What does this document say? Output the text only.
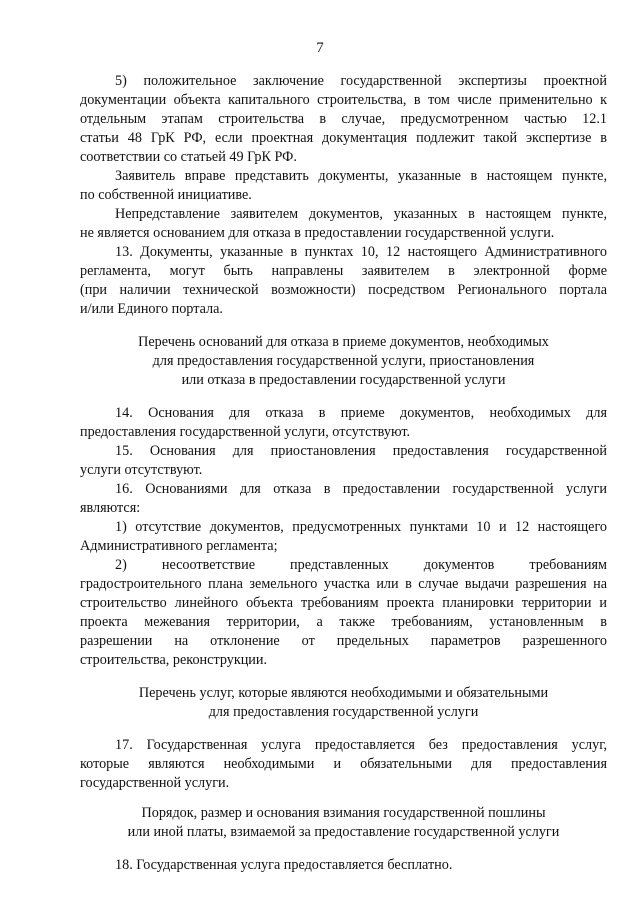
7
5) положительное заключение государственной экспертизы проектной
документации объекта капитального строительства, в том числе применительно к
отдельным этапам строительства в случае, предусмотренном частью 12.1
статьи 48 ГрК РФ, если проектная документация подлежит такой экспертизе в
соответствии со статьей 49 ГрК РФ.
Заявитель вправе представить документы, указанные в настоящем пункте,
по собственной инициативе.
Непредставление заявителем документов, указанных в настоящем пункте,
не является основанием для отказа в предоставлении государственной услуги.
13. Документы, указанные в пунктах 10, 12 настоящего Административного
регламента, могут быть направлены заявителем в электронной форме
(при наличии технической возможности) посредством Регионального портала
и/или Единого портала.
Перечень оснований для отказа в приеме документов, необходимых
для предоставления государственной услуги, приостановления
или отказа в предоставлении государственной услуги
14. Основания для отказа в приеме документов, необходимых для
предоставления государственной услуги, отсутствуют.
15. Основания для приостановления предоставления государственной
услуги отсутствуют.
16. Основаниями для отказа в предоставлении государственной услуги
являются:
1) отсутствие документов, предусмотренных пунктами 10 и 12 настоящего
Административного регламента;
2) несоответствие представленных документов требованиям
градостроительного плана земельного участка или в случае выдачи разрешения на
строительство линейного объекта требованиям проекта планировки территории и
проекта межевания территории, а также требованиям, установленным в
разрешении на отклонение от предельных параметров разрешенного
строительства, реконструкции.
Перечень услуг, которые являются необходимыми и обязательными
для предоставления государственной услуги
17. Государственная услуга предоставляется без предоставления услуг,
которые являются необходимыми и обязательными для предоставления
государственной услуги.
Порядок, размер и основания взимания государственной пошлины
или иной платы, взимаемой за предоставление государственной услуги
18. Государственная услуга предоставляется бесплатно.
